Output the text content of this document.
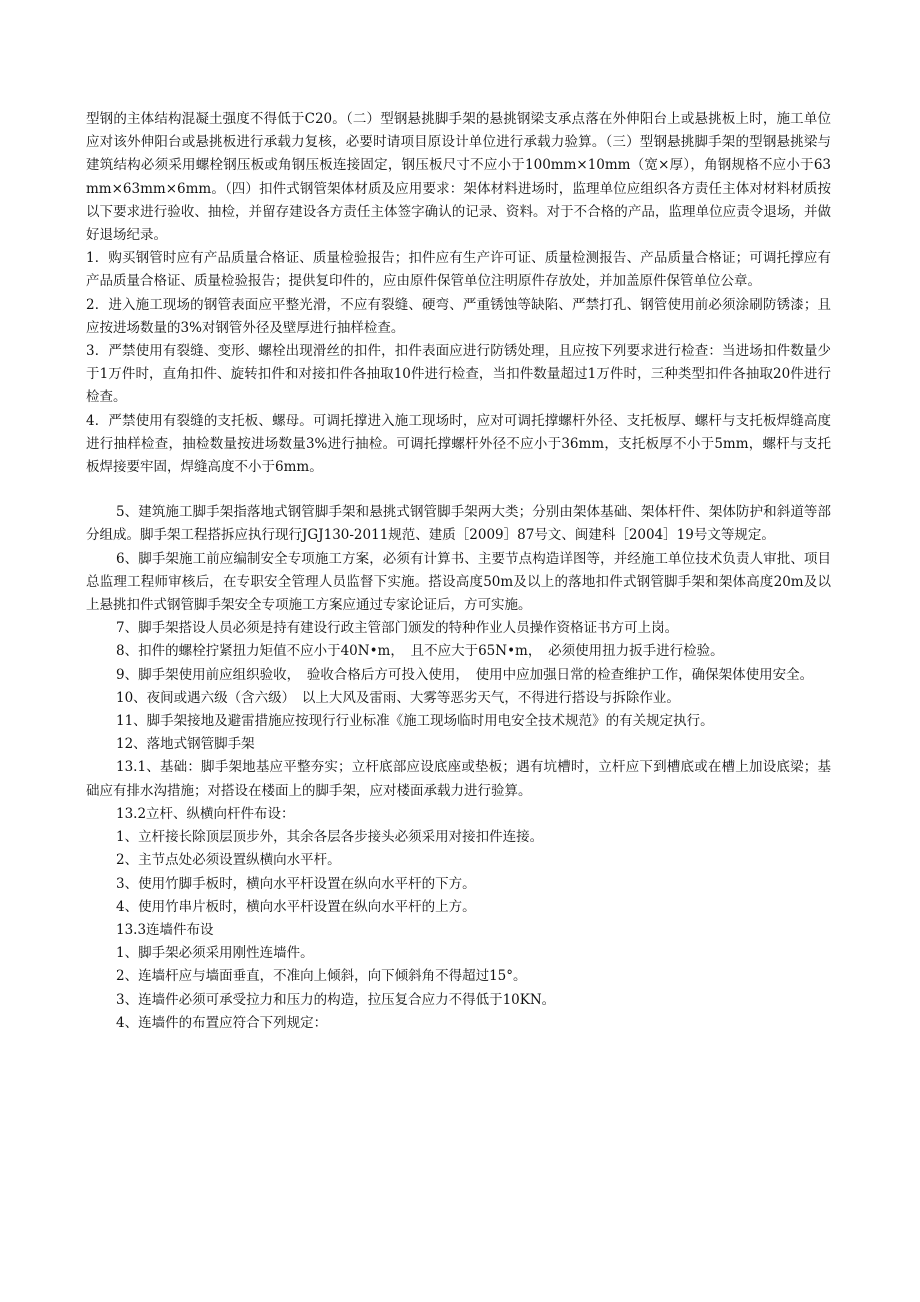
型钢的主体结构混凝土强度不得低于C20。（二）型钢悬挑脚手架的悬挑钢梁支承点落在外伸阳台上或悬挑板上时，施工单位应对该外伸阳台或悬挑板进行承载力复核，必要时请项目原设计单位进行承载力验算。（三）型钢悬挑脚手架的型钢悬挑梁与建筑结构必须采用螺栓钢压板或角钢压板连接固定，钢压板尺寸不应小于100mm×10mm（宽×厚），角钢规格不应小于63mm×63mm×6mm。（四）扣件式钢管架体材质及应用要求：架体材料进场时，监理单位应组织各方责任主体对材料材质按以下要求进行验收、抽检，并留存建设各方责任主体签字确认的记录、资料。对于不合格的产品，监理单位应责令退场，并做好退场纪录。

1．购买钢管时应有产品质量合格证、质量检验报告；扣件应有生产许可证、质量检测报告、产品质量合格证；可调托撑应有产品质量合格证、质量检验报告；提供复印件的，应由原件保管单位注明原件存放处，并加盖原件保管单位公章。

2．进入施工现场的钢管表面应平整光滑，不应有裂缝、硬弯、严重锈蚀等缺陷、严禁打孔、钢管使用前必须涂刷防锈漆；且应按进场数量的3%对钢管外径及壁厚进行抽样检查。

3．严禁使用有裂缝、变形、螺栓出现滑丝的扣件，扣件表面应进行防锈处理，且应按下列要求进行检查：当进场扣件数量少于1万件时，直角扣件、旋转扣件和对接扣件各抽取10件进行检查，当扣件数量超过1万件时，三种类型扣件各抽取20件进行检查。

4．严禁使用有裂缝的支托板、螺母。可调托撑进入施工现场时，应对可调托撑螺杆外径、支托板厚、螺杆与支托板焊缝高度进行抽样检查，抽检数量按进场数量3%进行抽检。可调托撑螺杆外径不应小于36mm，支托板厚不小于5mm，螺杆与支托板焊接要牢固，焊缝高度不小于6mm。

5、建筑施工脚手架指落地式钢管脚手架和悬挑式钢管脚手架两大类；分别由架体基础、架体杆件、架体防护和斜道等部分组成。脚手架工程搭拆应执行现行JGJ130-2011规范、建质［2009］87号文、闽建科［2004］19号文等规定。

6、脚手架施工前应编制安全专项施工方案，必须有计算书、主要节点构造详图等，并经施工单位技术负责人审批、项目总监理工程师审核后，在专职安全管理人员监督下实施。搭设高度50m及以上的落地扣件式钢管脚手架和架体高度20m及以上悬挑扣件式钢管脚手架安全专项施工方案应通过专家论证后，方可实施。

7、脚手架搭设人员必须是持有建设行政主管部门颁发的特种作业人员操作资格证书方可上岗。

8、扣件的螺栓拧紧扭力矩值不应小于40N•m，　且不应大于65N•m，　必须使用扭力扳手进行检验。

9、脚手架使用前应组织验收，　验收合格后方可投入使用，　使用中应加强日常的检查维护工作，确保架体使用安全。

10、夜间或遇六级（含六级）　以上大风及雷雨、大雾等恶劣天气，不得进行搭设与拆除作业。

11、脚手架接地及避雷措施应按现行行业标准《施工现场临时用电安全技术规范》的有关规定执行。

12、落地式钢管脚手架

13.1、基础：脚手架地基应平整夯实；立杆底部应设底座或垫板；遇有坑槽时，立杆应下到槽底或在槽上加设底梁；基础应有排水沟措施；对搭设在楼面上的脚手架，应对楼面承载力进行验算。

13.2立杆、纵横向杆件布设：

1、立杆接长除顶层顶步外，其余各层各步接头必须采用对接扣件连接。

2、主节点处必须设置纵横向水平杆。

3、使用竹脚手板时，横向水平杆设置在纵向水平杆的下方。

4、使用竹串片板时，横向水平杆设置在纵向水平杆的上方。

13.3连墙件布设

1、脚手架必须采用刚性连墙件。

2、连墙杆应与墙面垂直，不准向上倾斜，向下倾斜角不得超过15°。

3、连墙件必须可承受拉力和压力的构造，拉压复合应力不得低于10KN。

4、连墙件的布置应符合下列规定：
